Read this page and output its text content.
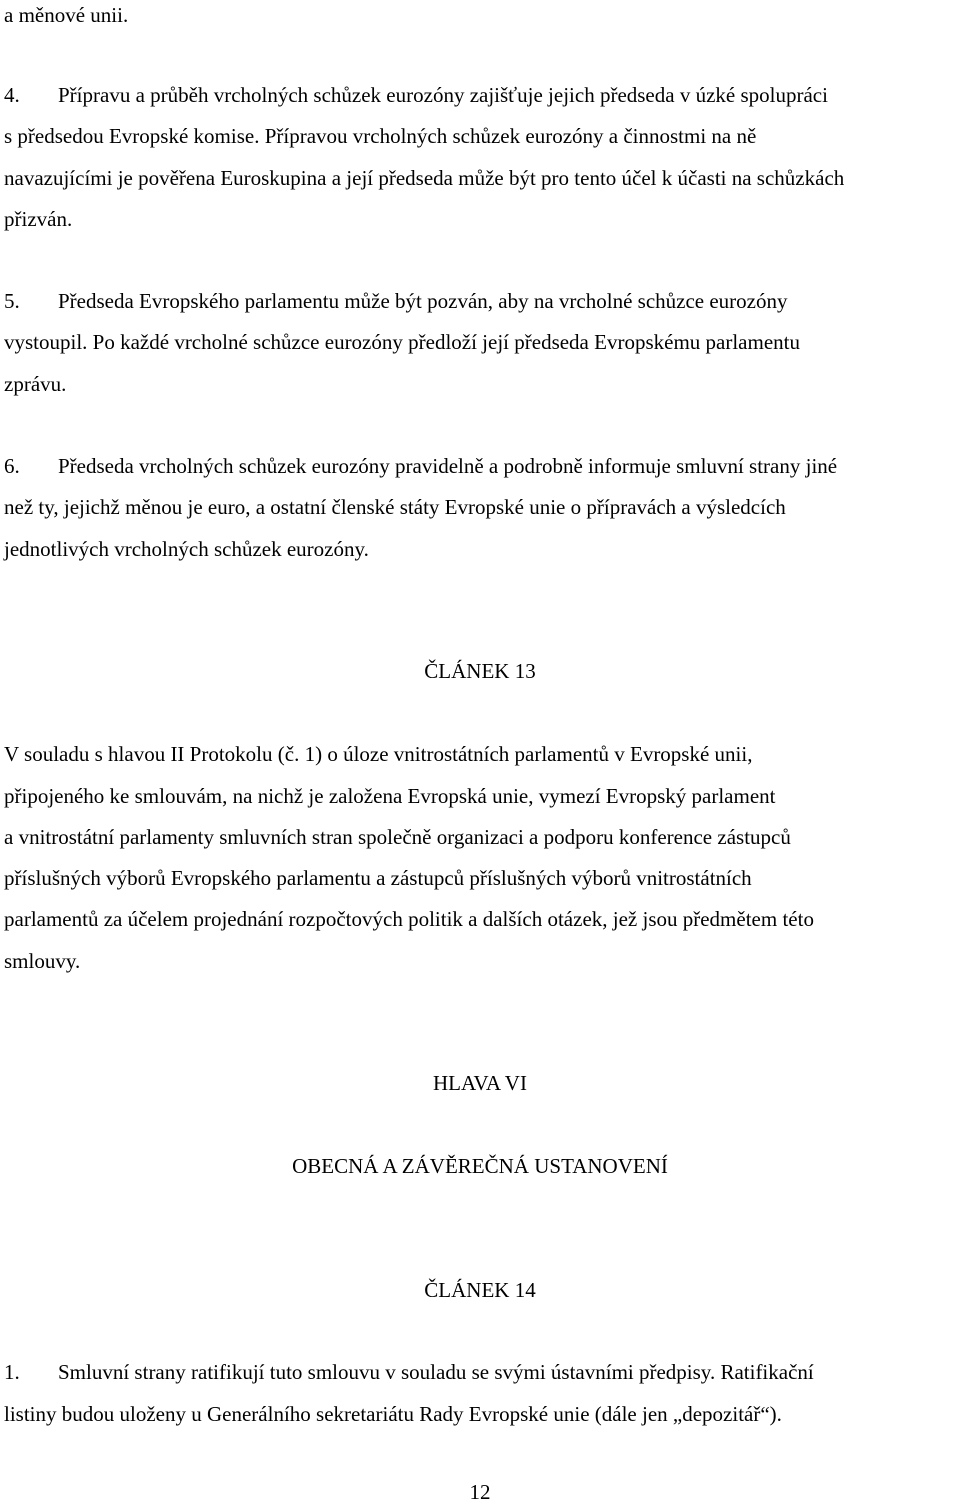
a měnové unii.
4. Přípravu a průběh vrcholných schůzek eurozóny zajišťuje jejich předseda v úzké spolupráci
s předsedou Evropské komise. Přípravou vrcholných schůzek eurozóny a činnostmi na ně
navazujícími je pověřena Euroskupina a její předseda může být pro tento účel k účasti na schůzkách
přizván.
5. Předseda Evropského parlamentu může být pozván, aby na vrcholné schůzce eurozóny
vystoupil. Po každé vrcholné schůzce eurozóny předloží její předseda Evropskému parlamentu
zprávu.
6. Předseda vrcholných schůzek eurozóny pravidelně a podrobně informuje smluvní strany jiné
než ty, jejichž měnou je euro, a ostatní členské státy Evropské unie o přípravách a výsledcích
jednotlivých vrcholných schůzek eurozóny.
ČLÁNEK 13
V souladu s hlavou II Protokolu (č. 1) o úloze vnitrostátních parlamentů v Evropské unii,
připojeného ke smlouvám, na nichž je založena Evropská unie, vymezí Evropský parlament
a vnitrostátní parlamenty smluvních stran společně organizaci a podporu konference zástupců
příslušných výborů Evropského parlamentu a zástupců příslušných výborů vnitrostátních
parlamentů za účelem projednání rozpočtových politik a dalších otázek, jež jsou předmětem této
smlouvy.
HLAVA VI
OBECNÁ A ZÁVĚREČNÁ USTANOVENÍ
ČLÁNEK 14
1. Smluvní strany ratifikují tuto smlouvu v souladu se svými ústavními předpisy. Ratifikační
listiny budou uloženy u Generálního sekretariátu Rady Evropské unie (dále jen „depozitář“).
12
